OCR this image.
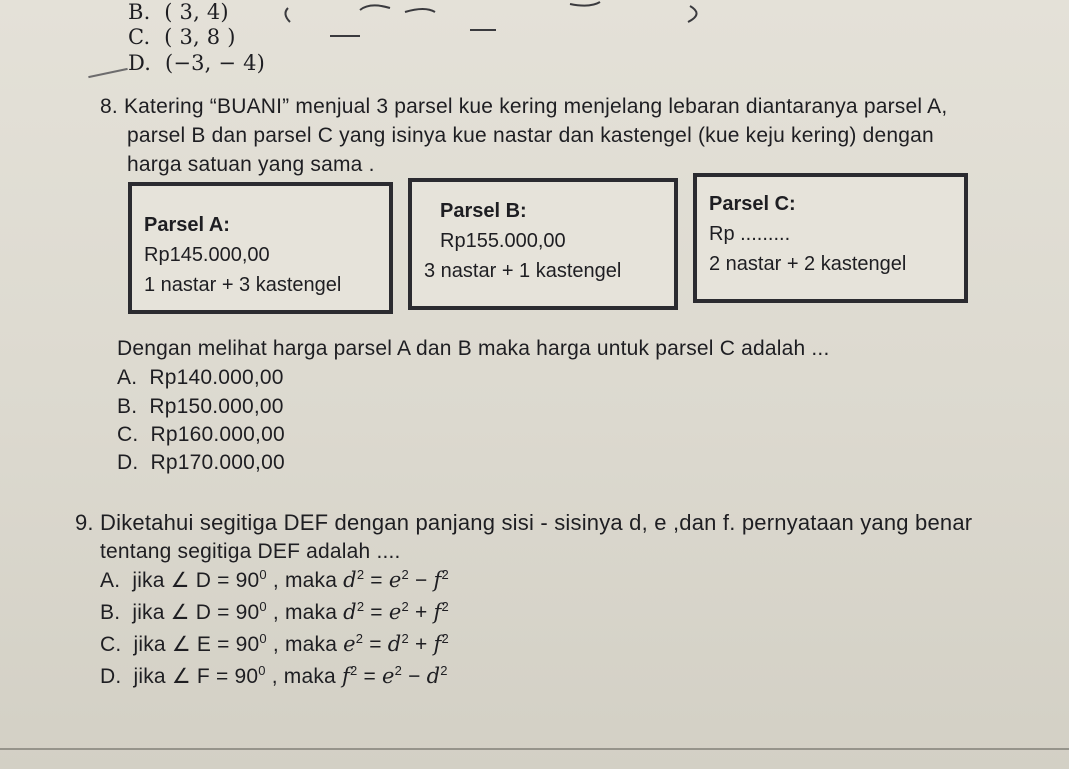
B. ( 3, 4)
C. ( 3, 8 )
D. (−3, − 4)
8. Katering “BUANI” menjual 3 parsel kue kering menjelang lebaran diantaranya parsel A,
parsel B dan parsel C yang isinya kue nastar dan kastengel (kue keju kering) dengan
harga satuan yang sama .
Parsel A:
Rp145.000,00
1 nastar + 3 kastengel
Parsel B:
Rp155.000,00
3 nastar + 1 kastengel
Parsel C:
Rp .........
2 nastar + 2 kastengel
Dengan melihat harga parsel A dan B maka harga untuk parsel C adalah ...
A. Rp140.000,00
B. Rp150.000,00
C. Rp160.000,00
D. Rp170.000,00
9. Diketahui segitiga DEF dengan panjang sisi - sisinya d, e ,dan f. pernyataan yang benar
tentang segitiga DEF adalah ....
A. jika ∠ $D = 90^0$ , maka $d^2 = e^2 - f^2$
B. jika ∠ $D = 90^0$ , maka $d^2 = e^2 + f^2$
C. jika ∠ $E = 90^0$ , maka $e^2 = d^2 + f^2$
D. jika ∠ $F = 90^0$ , maka $f^2 = e^2 - d^2$
